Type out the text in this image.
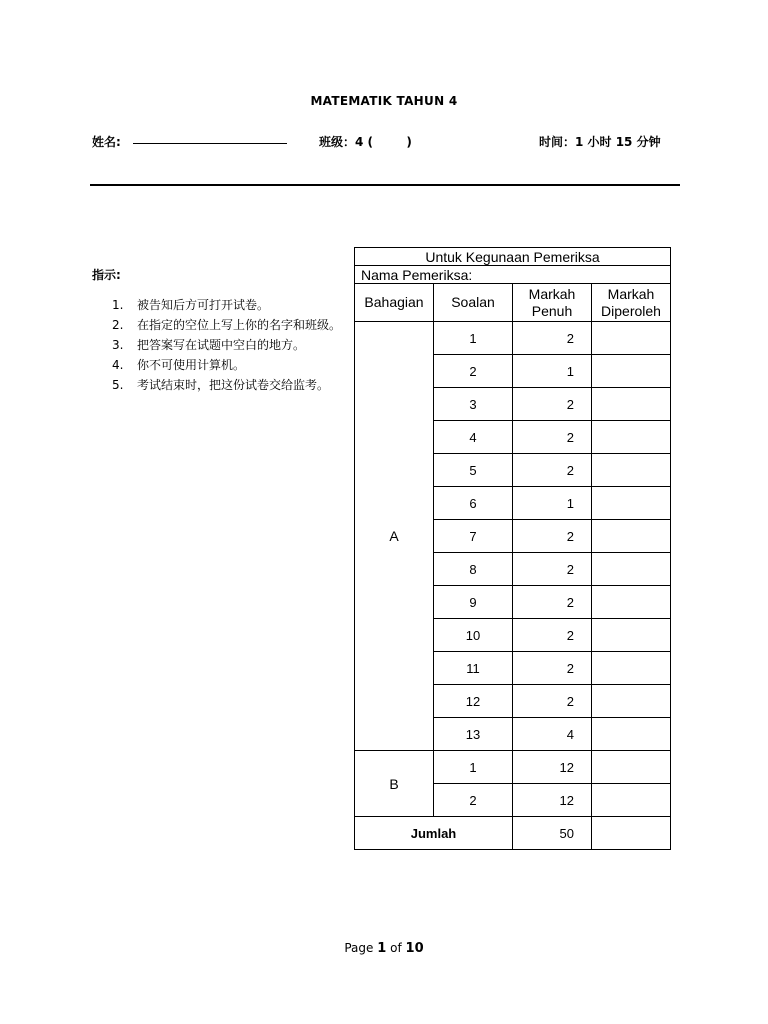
MATEMATIK TAHUN 4
姓名:	班级：4 (        )	时间：1 小时 15 分钟
指示:
1.	被告知后方可打开试卷。
2.	在指定的空位上写上你的名字和班级。
3.	把答案写在试题中空白的地方。
4.	你不可使用计算机。
5.	考试结束时，把这份试卷交给监考。
Untuk Kegunaan Pemeriksa			
Nama Pemeriksa:			
Bahagian	Soalan	Markah Penuh	Markah Diperoleh
A	1	2	
	2	1	
	3	2	
	4	2	
	5	2	
	6	1	
	7	2	
	8	2	
	9	2	
	10	2	
	11	2	
	12	2	
	13	4	
B	1	12	
	2	12	
Jumlah		50	
Page 1 of 10
